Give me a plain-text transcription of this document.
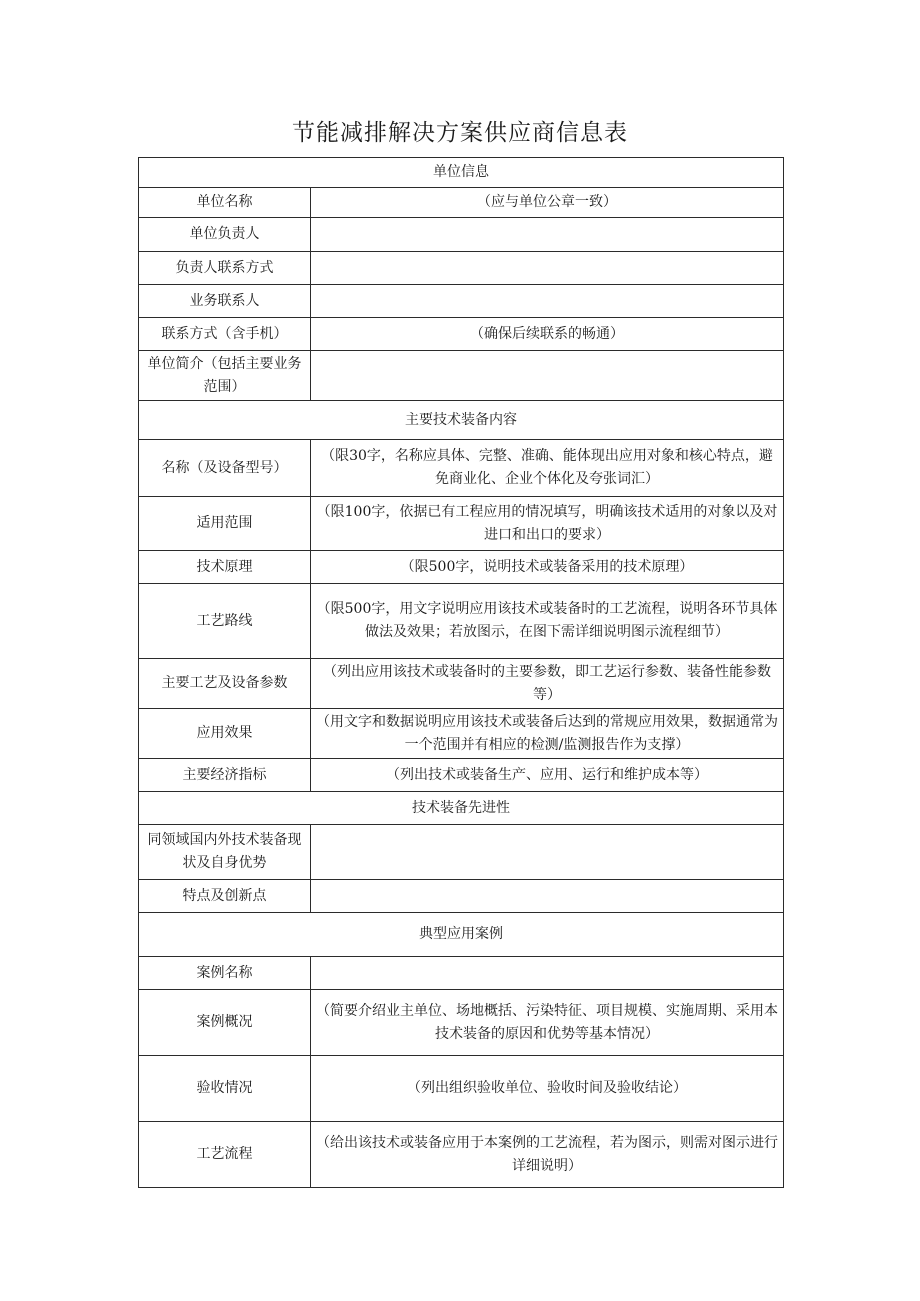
节能减排解决方案供应商信息表
单位信息	
单位名称	（应与单位公章一致）
单位负责人	
负责人联系方式	
业务联系人	
联系方式（含手机）	（确保后续联系的畅通）
单位简介（包括主要业务范围）	
主要技术装备内容	
名称（及设备型号）	（限30字，名称应具体、完整、准确、能体现出应用对象和核心特点，避免商业化、企业个体化及夸张词汇）
适用范围	（限100字，依据已有工程应用的情况填写，明确该技术适用的对象以及对进口和出口的要求）
技术原理	（限500字，说明技术或装备采用的技术原理）
工艺路线	（限500字，用文字说明应用该技术或装备时的工艺流程，说明各环节具体做法及效果；若放图示，在图下需详细说明图示流程细节）
主要工艺及设备参数	（列出应用该技术或装备时的主要参数，即工艺运行参数、装备性能参数等）
应用效果	（用文字和数据说明应用该技术或装备后达到的常规应用效果，数据通常为一个范围并有相应的检测/监测报告作为支撑）
主要经济指标	（列出技术或装备生产、应用、运行和维护成本等）
技术装备先进性	
同领域国内外技术装备现状及自身优势	
特点及创新点	
典型应用案例	
案例名称	
案例概况	（简要介绍业主单位、场地概括、污染特征、项目规模、实施周期、采用本技术装备的原因和优势等基本情况）
验收情况	（列出组织验收单位、验收时间及验收结论）
工艺流程	（给出该技术或装备应用于本案例的工艺流程，若为图示，则需对图示进行详细说明）
